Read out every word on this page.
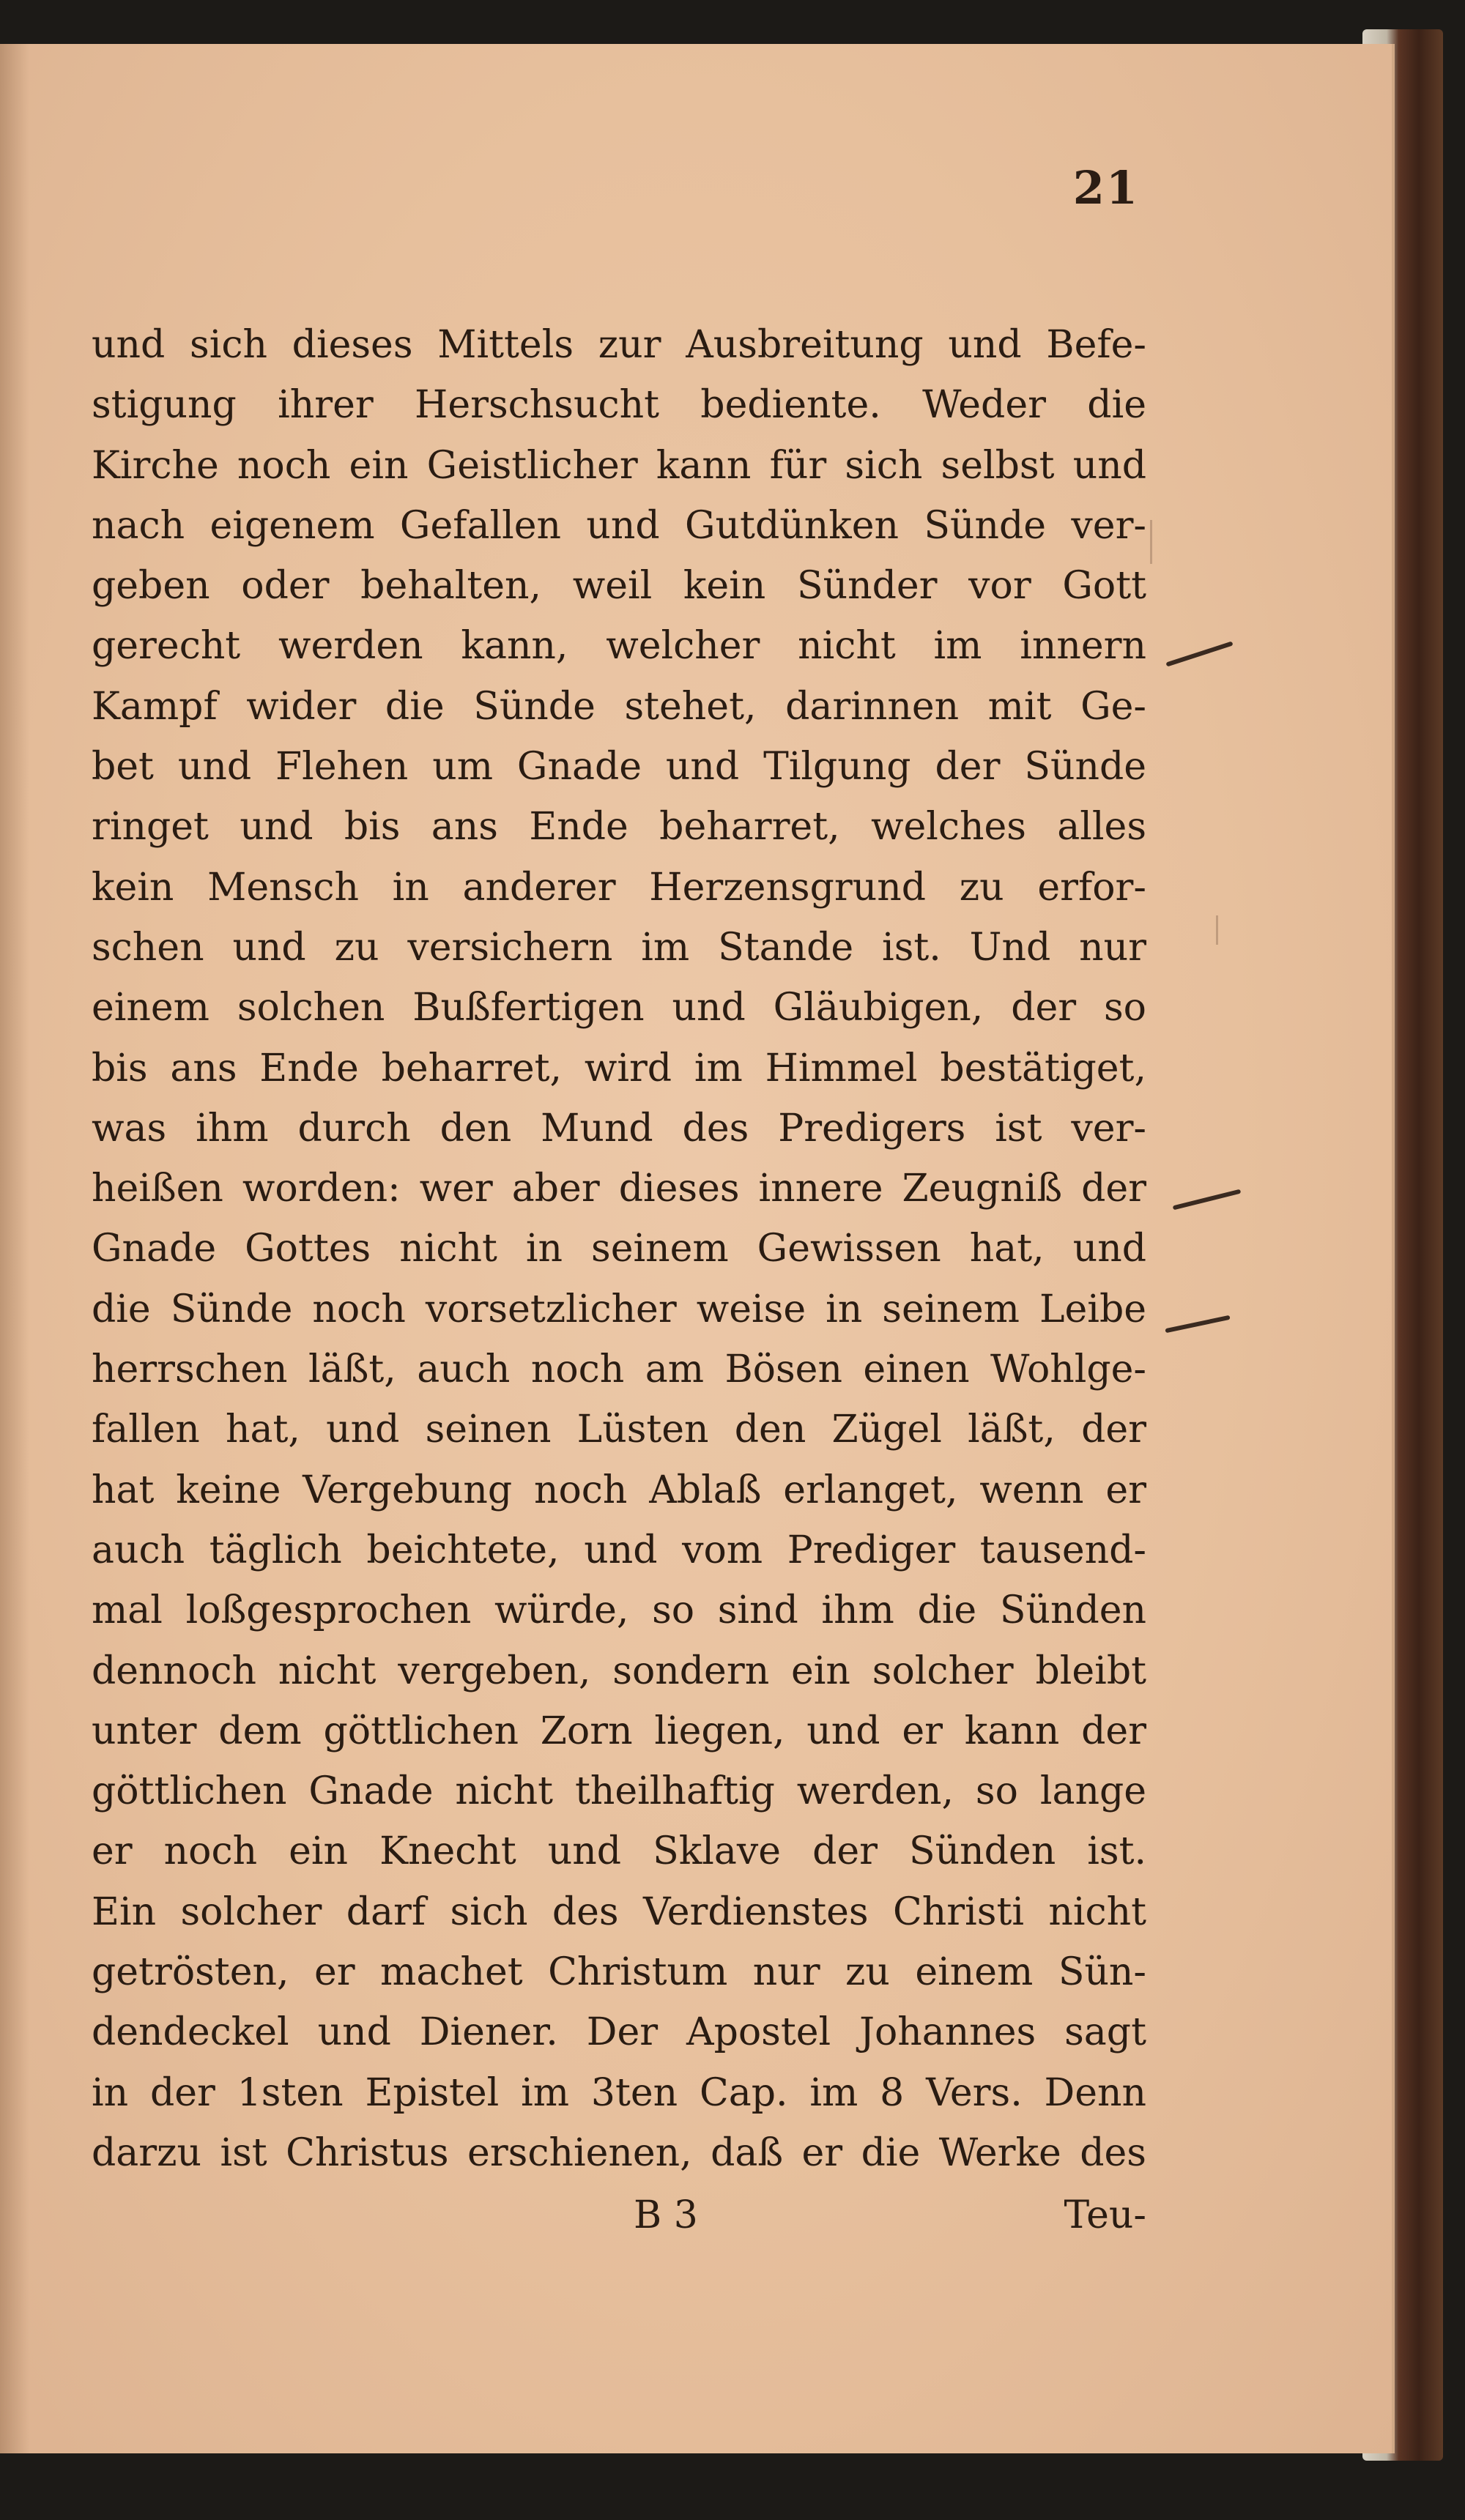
21
und sich dieses Mittels zur Ausbreitung und Befe-
stigung ihrer Herschsucht bediente. Weder die
Kirche noch ein Geistlicher kann für sich selbst und
nach eigenem Gefallen und Gutdünken Sünde ver-
geben oder behalten, weil kein Sünder vor Gott
gerecht werden kann, welcher nicht im innern
Kampf wider die Sünde stehet, darinnen mit Ge-
bet und Flehen um Gnade und Tilgung der Sünde
ringet und bis ans Ende beharret, welches alles
kein Mensch in anderer Herzensgrund zu erfor-
schen und zu versichern im Stande ist. Und nur
einem solchen Bußfertigen und Gläubigen, der so
bis ans Ende beharret, wird im Himmel bestätiget,
was ihm durch den Mund des Predigers ist ver-
heißen worden: wer aber dieses innere Zeugniß der
Gnade Gottes nicht in seinem Gewissen hat, und
die Sünde noch vorsetzlicher weise in seinem Leibe
herrschen läßt, auch noch am Bösen einen Wohlge-
fallen hat, und seinen Lüsten den Zügel läßt, der
hat keine Vergebung noch Ablaß erlanget, wenn er
auch täglich beichtete, und vom Prediger tausend-
mal loßgesprochen würde, so sind ihm die Sünden
dennoch nicht vergeben, sondern ein solcher bleibt
unter dem göttlichen Zorn liegen, und er kann der
göttlichen Gnade nicht theilhaftig werden, so lange
er noch ein Knecht und Sklave der Sünden ist.
Ein solcher darf sich des Verdienstes Christi nicht
getrösten, er machet Christum nur zu einem Sün-
dendeckel und Diener. Der Apostel Johannes sagt
in der 1sten Epistel im 3ten Cap. im 8 Vers. Denn
darzu ist Christus erschienen, daß er die Werke des
B 3	Teu-
